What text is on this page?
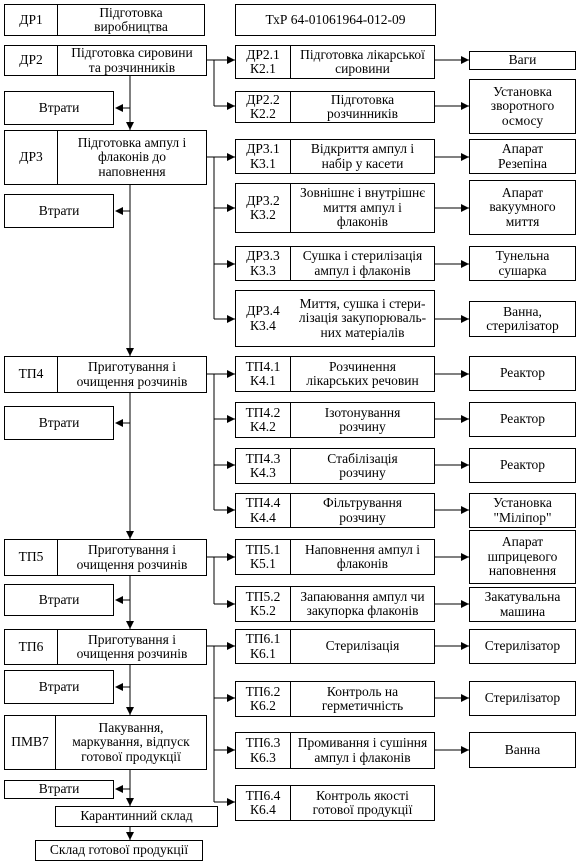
ДР1	Підготовка
виробництва	ТхР 64-01061964-012-09
ДР2	Підготовка сировини
та розчинників
ДР2.1
К2.1
Підготовка лікарської
сировини
Ваги
Втрати
ДР2.2
К2.2
Підготовка
розчинників
Установка
зворотного
осмосу
ДР3
Підготовка ампул і
флаконів до
наповнення
ДР3.1
К3.1
Відкриття ампул і
набір у касети
Апарат
Резепіна
Втрати
ДР3.2
К3.2
Зовнішнє і внутрішнє
миття ампул і
флаконів
Апарат
вакуумного
миття
ДР3.3
К3.3
Сушка і стерилізація
ампул і флаконів
Тунельна
сушарка
ДР3.4
К3.4
Миття, сушка і стери-
лізація закупорюваль-
них матеріалів
Ванна,
стерилізатор
ТП4	Приготування і
очищення розчинів
ТП4.1
К4.1
Розчинення
лікарських речовин
Реактор
Втрати
ТП4.2
К4.2
Ізотонування
розчину
Реактор
ТП4.3
К4.3
Стабілізація
розчину
Реактор
ТП4.4
К4.4
Фільтрування
розчину
Установка
"Міліпор"
ТП5	Приготування і
очищення розчинів
ТП5.1
К5.1
Наповнення ампул і
флаконів
Апарат
шприцевого
наповнення
Втрати	ТП5.2
К5.2
Запаювання ампул чи
закупорка флаконів
Закатувальна
машина
ТП6	Приготування і
очищення розчинів
ТП6.1
К6.1	Стерилізація	Стерилізатор
Втрати	ТП6.2
К6.2
Контроль на
герметичність
Стерилізатор
ПМВ7
Пакування,
маркування, відпуск
готової продукції
ТП6.3
К6.3
Промивання і сушіння
ампул і флаконів
Ванна
Втрати	ТП6.4
К6.4
Контроль якості
готової продукції
Карантинний склад
Склад готової продукції
